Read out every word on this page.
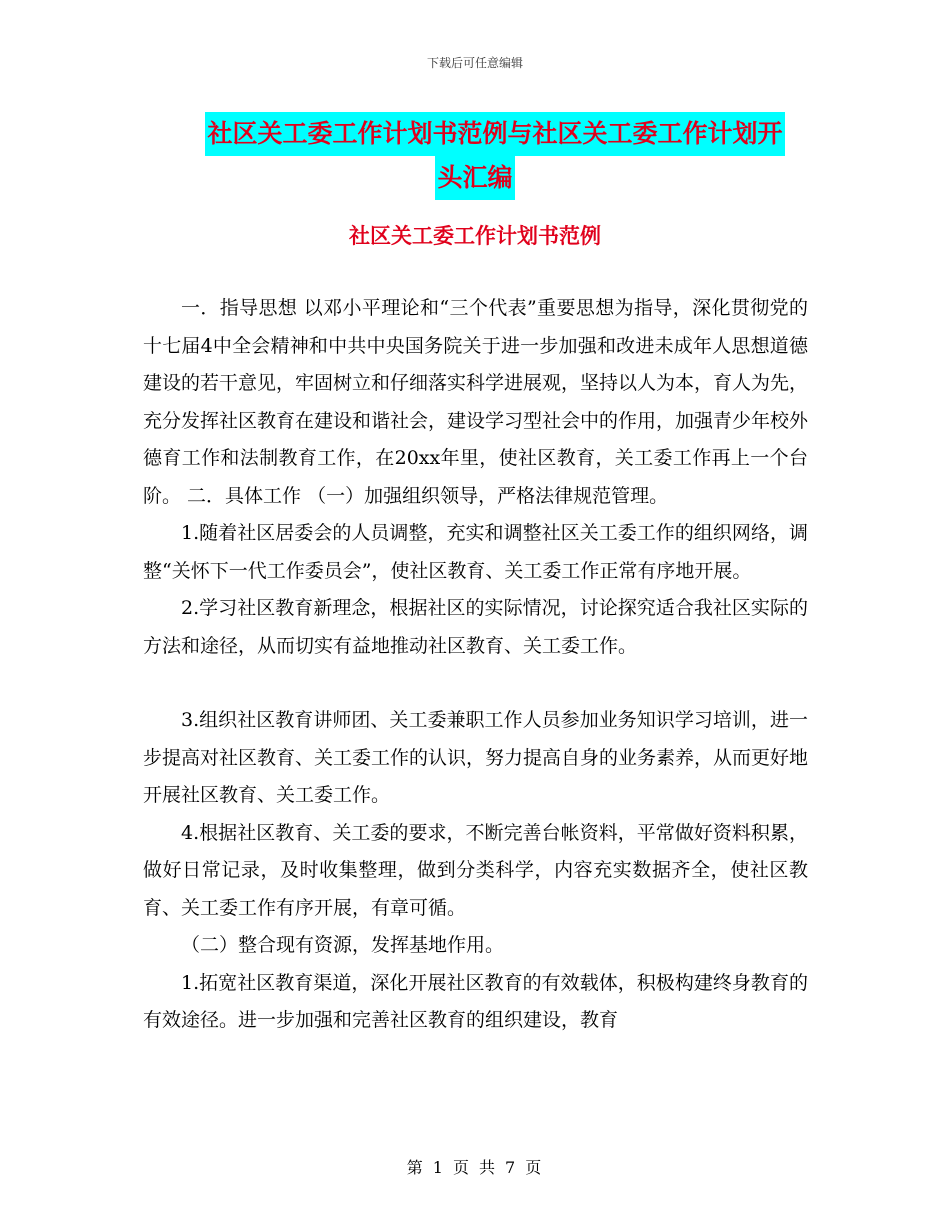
下载后可任意编辑
社区关工委工作计划书范例与社区关工委工作计划开
头汇编
社区关工委工作计划书范例

一．指导思想 以邓小平理论和“三个代表”重要思想为指导，深化贯彻党的十七届4中全会精神和中共中央国务院关于进一步加强和改进未成年人思想道德建设的若干意见，牢固树立和仔细落实科学进展观，坚持以人为本，育人为先，充分发挥社区教育在建设和谐社会，建设学习型社会中的作用，加强青少年校外德育工作和法制教育工作，在20xx年里，使社区教育，关工委工作再上一个台阶。 二．具体工作 （一）加强组织领导，严格法律规范管理。

1.随着社区居委会的人员调整，充实和调整社区关工委工作的组织网络，调整“关怀下一代工作委员会”，使社区教育、关工委工作正常有序地开展。

2.学习社区教育新理念，根据社区的实际情况，讨论探究适合我社区实际的方法和途径，从而切实有益地推动社区教育、关工委工作。

3.组织社区教育讲师团、关工委兼职工作人员参加业务知识学习培训，进一步提高对社区教育、关工委工作的认识，努力提高自身的业务素养，从而更好地开展社区教育、关工委工作。

4.根据社区教育、关工委的要求，不断完善台帐资料，平常做好资料积累，做好日常记录，及时收集整理，做到分类科学，内容充实数据齐全，使社区教育、关工委工作有序开展，有章可循。

（二）整合现有资源，发挥基地作用。

1.拓宽社区教育渠道，深化开展社区教育的有效载体，积极构建终身教育的有效途径。进一步加强和完善社区教育的组织建设，教育

第 1 页 共 7 页
